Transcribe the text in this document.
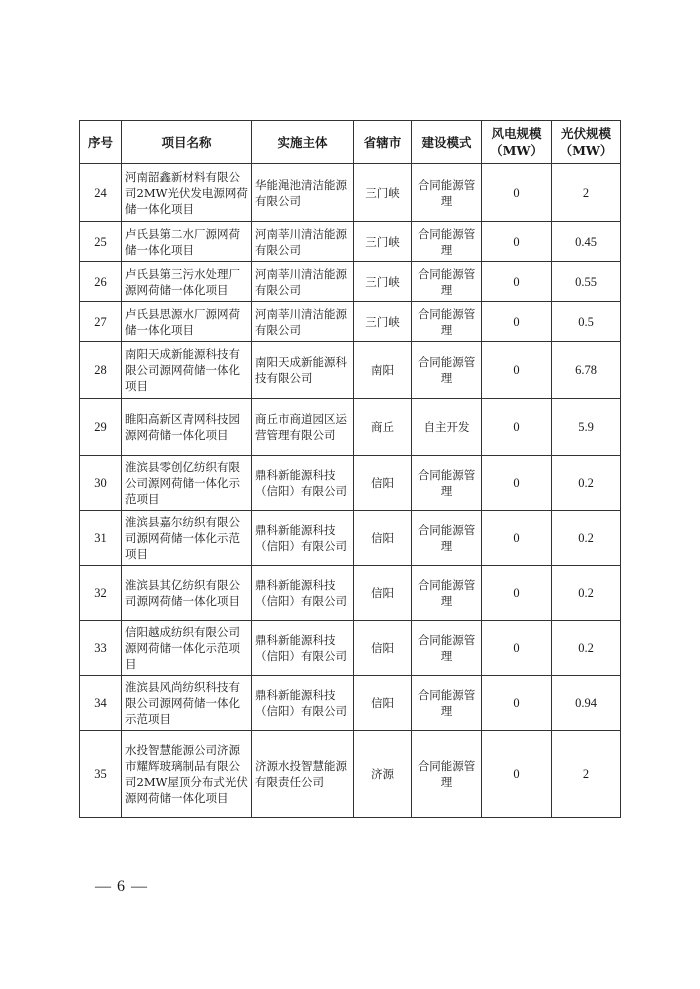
序号	项目名称	实施主体	省辖市	建设模式	风电规模（MW）	光伏规模（MW）
24	河南韶鑫新材料有限公司2MW光伏发电源网荷储一体化项目	华能渑池清洁能源有限公司	三门峡	合同能源管理	0	2
25	卢氏县第二水厂源网荷储一体化项目	河南莘川清洁能源有限公司	三门峡	合同能源管理	0	0.45
26	卢氏县第三污水处理厂源网荷储一体化项目	河南莘川清洁能源有限公司	三门峡	合同能源管理	0	0.55
27	卢氏县思源水厂源网荷储一体化项目	河南莘川清洁能源有限公司	三门峡	合同能源管理	0	0.5
28	南阳天成新能源科技有限公司源网荷储一体化项目	南阳天成新能源科技有限公司	南阳	合同能源管理	0	6.78
29	睢阳高新区青网科技园源网荷储一体化项目	商丘市商道园区运营管理有限公司	商丘	自主开发	0	5.9
30	淮滨县零创亿纺织有限公司源网荷储一体化示范项目	鼎科新能源科技（信阳）有限公司	信阳	合同能源管理	0	0.2
31	淮滨县嘉尔纺织有限公司源网荷储一体化示范项目	鼎科新能源科技（信阳）有限公司	信阳	合同能源管理	0	0.2
32	淮滨县其亿纺织有限公司源网荷储一体化项目	鼎科新能源科技（信阳）有限公司	信阳	合同能源管理	0	0.2
33	信阳越成纺织有限公司源网荷储一体化示范项目	鼎科新能源科技（信阳）有限公司	信阳	合同能源管理	0	0.2
34	淮滨县风尚纺织科技有限公司源网荷储一体化 示范项目	鼎科新能源科技（信阳）有限公司	信阳	合同能源管理	0	0.94
35	水投智慧能源公司济源市耀辉玻璃制品有限公司2MW屋顶分布式光伏源网荷储一体化项目	济源水投智慧能源有限责任公司	济源	合同能源管理	0	2
— 6 —
